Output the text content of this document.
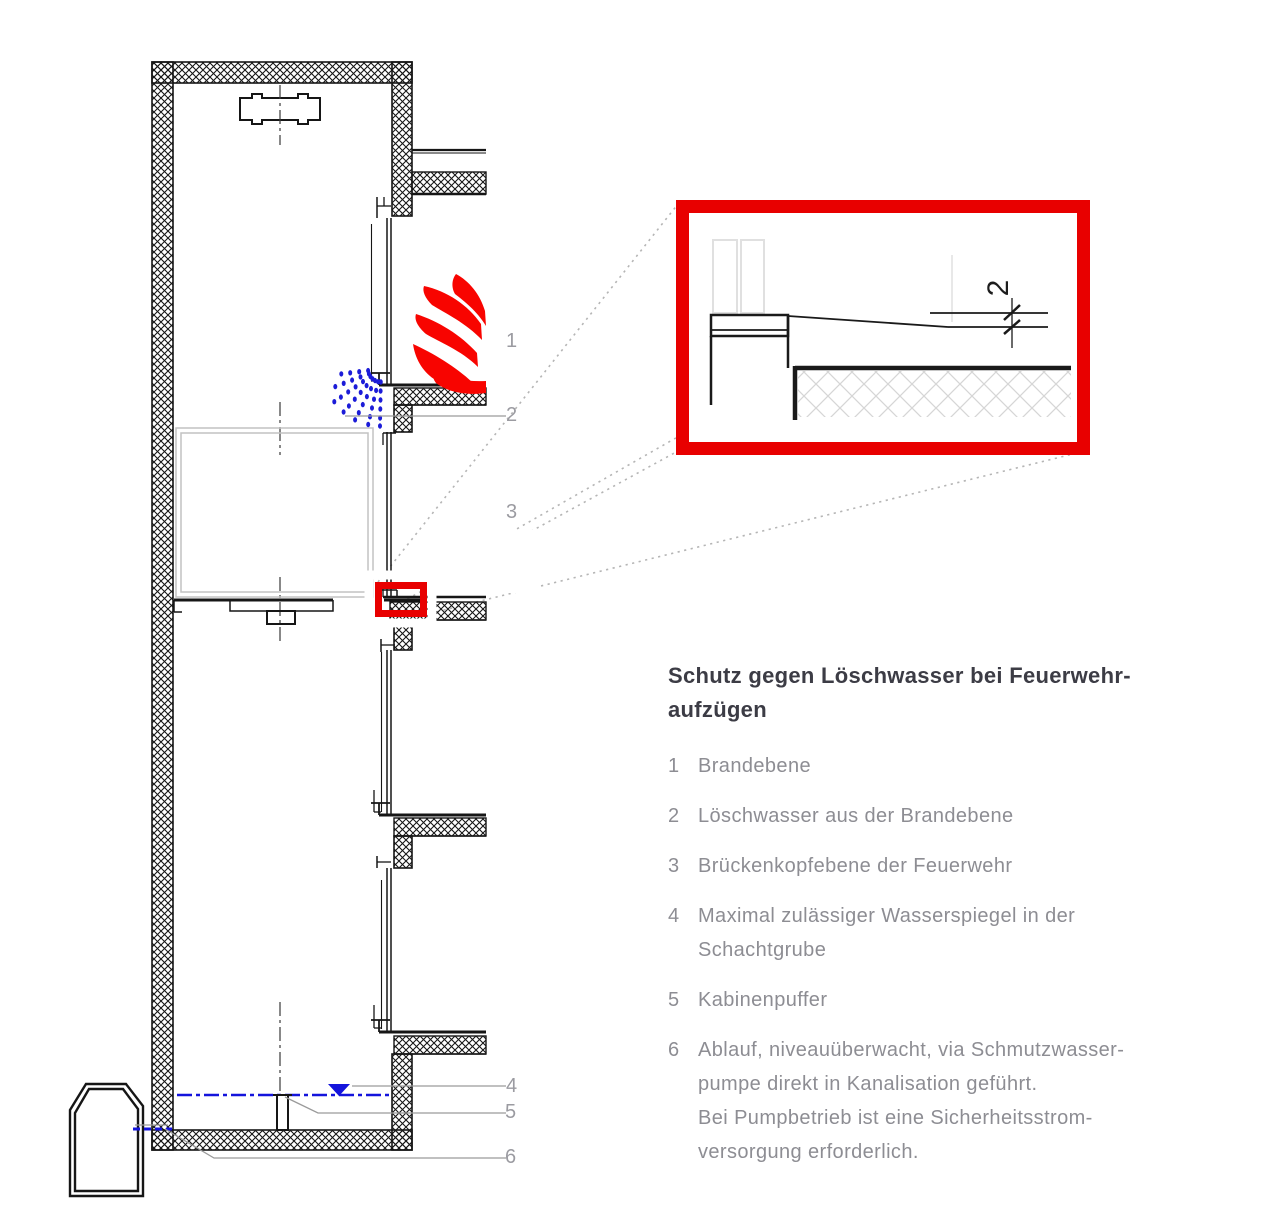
2
1
2
3
4
5
6
Schutz gegen Löschwasser bei Feuerwehr-
aufzügen
1 Brandebene
2 Löschwasser aus der Brandebene
3 Brückenkopfebene der Feuerwehr
4 Maximal zulässiger Wasserspiegel in der
Schachtgrube
5 Kabinenpuffer
6 Ablauf, niveauüberwacht, via Schmutzwasser-
pumpe direkt in Kanalisation geführt.
Bei Pumpbetrieb ist eine Sicherheitsstrom-
versorgung erforderlich.
